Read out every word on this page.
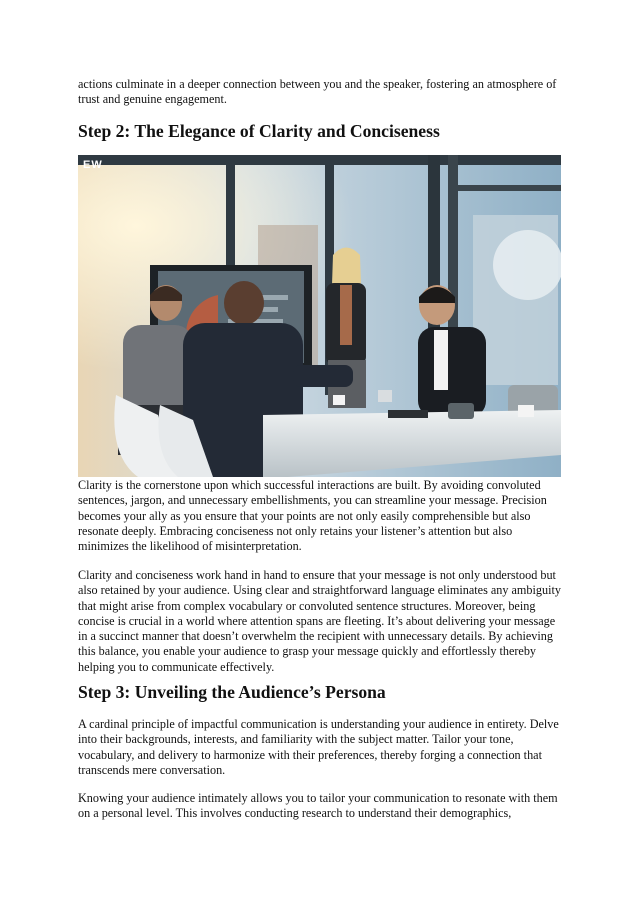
actions culminate in a deeper connection between you and the speaker, fostering an atmosphere of trust and genuine engagement.

Step 2: The Elegance of Clarity and Conciseness
EW

Clarity is the cornerstone upon which successful interactions are built. By avoiding convoluted sentences, jargon, and unnecessary embellishments, you can streamline your message. Precision becomes your ally as you ensure that your points are not only easily comprehensible but also resonate deeply. Embracing conciseness not only retains your listener’s attention but also minimizes the likelihood of misinterpretation.

Clarity and conciseness work hand in hand to ensure that your message is not only understood but also retained by your audience. Using clear and straightforward language eliminates any ambiguity that might arise from complex vocabulary or convoluted sentence structures. Moreover, being concise is crucial in a world where attention spans are fleeting. It’s about delivering your message in a succinct manner that doesn’t overwhelm the recipient with unnecessary details. By achieving this balance, you enable your audience to grasp your message quickly and effortlessly thereby helping you to communicate effectively.

Step 3: Unveiling the Audience’s Persona

A cardinal principle of impactful communication is understanding your audience in entirety. Delve into their backgrounds, interests, and familiarity with the subject matter. Tailor your tone, vocabulary, and delivery to harmonize with their preferences, thereby forging a connection that transcends mere conversation.

Knowing your audience intimately allows you to tailor your communication to resonate with them on a personal level. This involves conducting research to understand their demographics,
